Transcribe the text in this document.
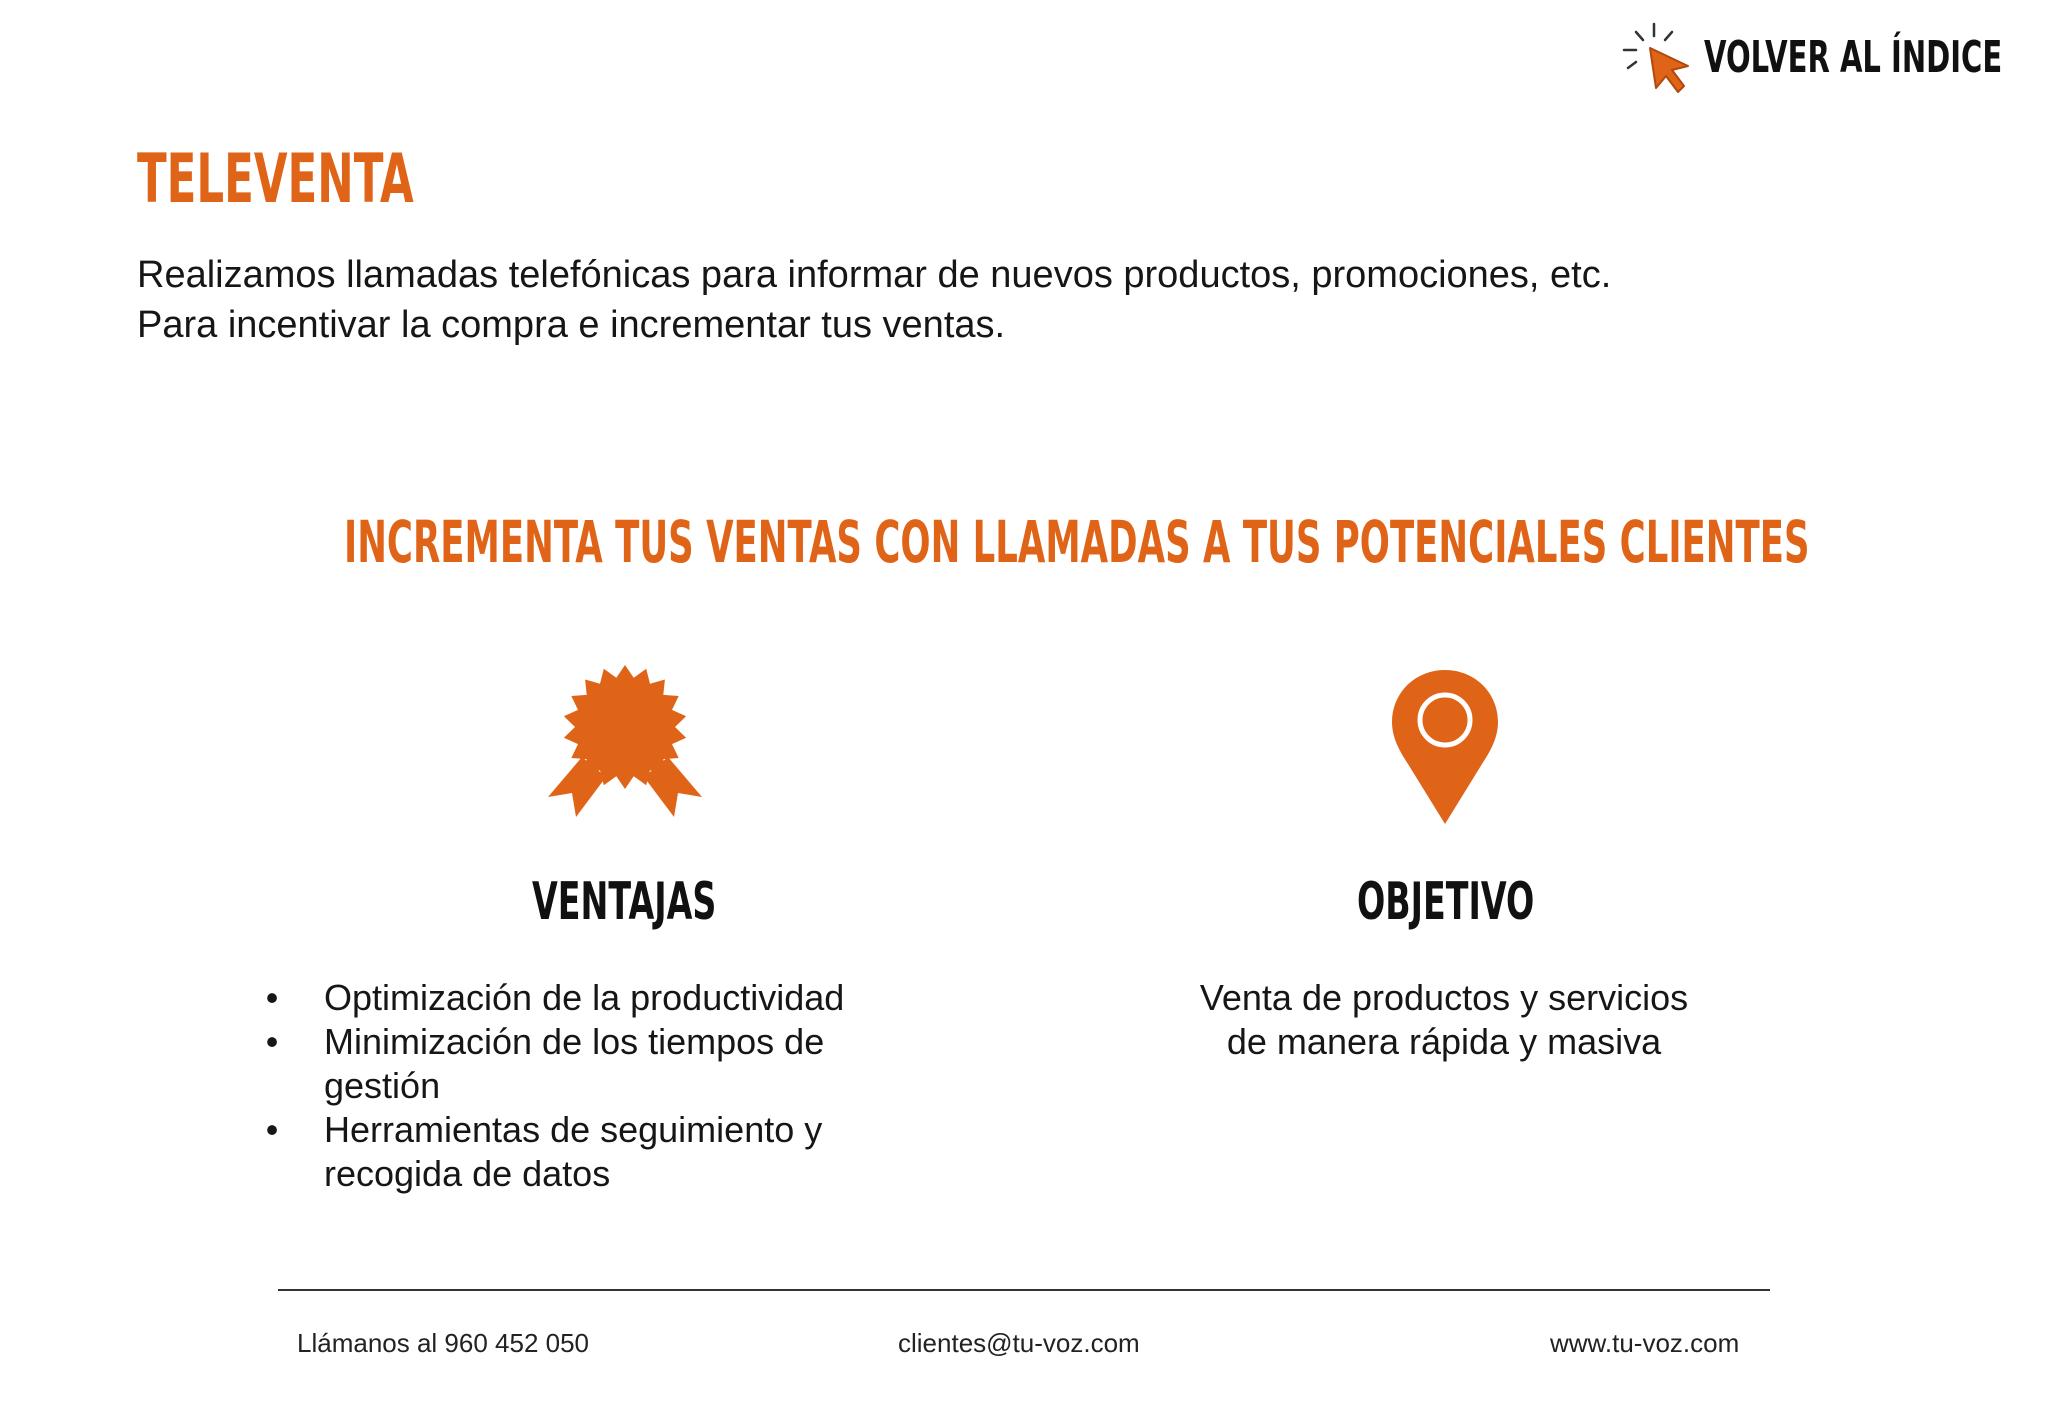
VOLVER AL ÍNDICE
TELEVENTA

Realizamos llamadas telefónicas para informar de nuevos productos, promociones, etc.

Para incentivar la compra e incrementar tus ventas.

INCREMENTA TUS VENTAS CON LLAMADAS A TUS POTENCIALES CLIENTES
VENTAJAS	OBJETIVO
• Optimización de la productividad
• Minimización de los tiempos de gestión
• Herramientas de seguimiento y recogida de datos
Venta de productos y servicios
de manera rápida y masiva
Llámanos al 960 452 050	clientes@tu-voz.com	www.tu-voz.com
